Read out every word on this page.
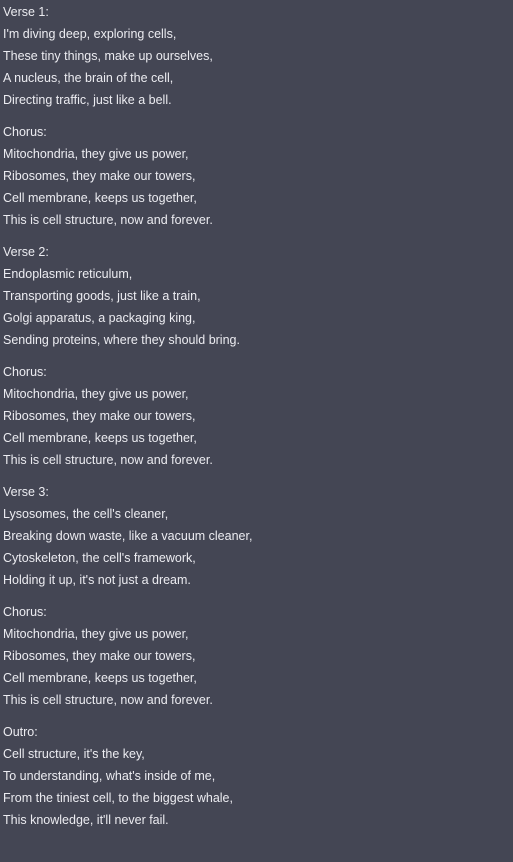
Verse 1:
I'm diving deep, exploring cells,
These tiny things, make up ourselves,
A nucleus, the brain of the cell,
Directing traffic, just like a bell.
Chorus:
Mitochondria, they give us power,
Ribosomes, they make our towers,
Cell membrane, keeps us together,
This is cell structure, now and forever.
Verse 2:
Endoplasmic reticulum,
Transporting goods, just like a train,
Golgi apparatus, a packaging king,
Sending proteins, where they should bring.
Chorus:
Mitochondria, they give us power,
Ribosomes, they make our towers,
Cell membrane, keeps us together,
This is cell structure, now and forever.
Verse 3:
Lysosomes, the cell's cleaner,
Breaking down waste, like a vacuum cleaner,
Cytoskeleton, the cell's framework,
Holding it up, it's not just a dream.
Chorus:
Mitochondria, they give us power,
Ribosomes, they make our towers,
Cell membrane, keeps us together,
This is cell structure, now and forever.
Outro:
Cell structure, it's the key,
To understanding, what's inside of me,
From the tiniest cell, to the biggest whale,
This knowledge, it'll never fail.
